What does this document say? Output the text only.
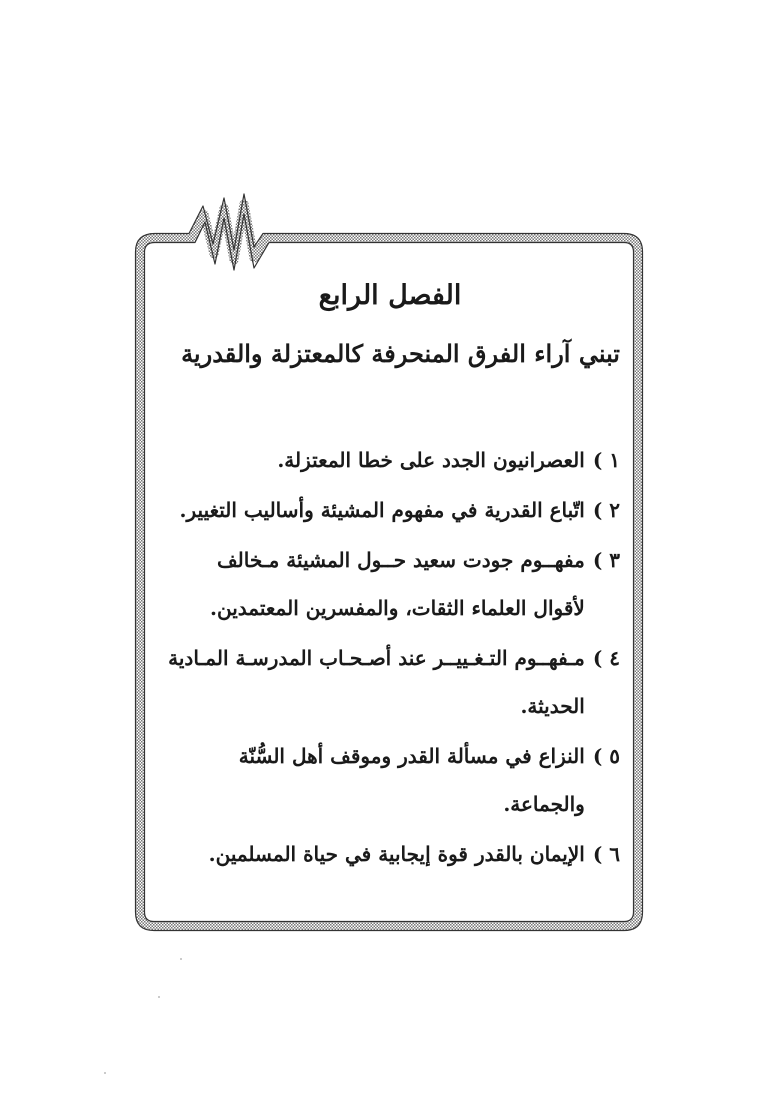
الفصل الرابع
تبني آراء الفرق المنحرفة كالمعتزلة والقدرية
١ )
العصرانيون الجدد على خطا المعتزلة.
٢ )
اتّباع القدرية في مفهوم المشيئة وأساليب التغيير.
٣ )
مفهــوم جودت سعيد حــول المشيئة مـخالف لأقوال العلماء الثقات، والمفسرين المعتمدين.
٤ )
مـفهــوم التـغـييــر عند أصـحـاب المدرسـة المـادية الحديثة.
٥ )
النزاع في مسألة القدر وموقف أهل السُّنّة والجماعة.
٦ )
الإيمان بالقدر قوة إيجابية في حياة المسلمين.
